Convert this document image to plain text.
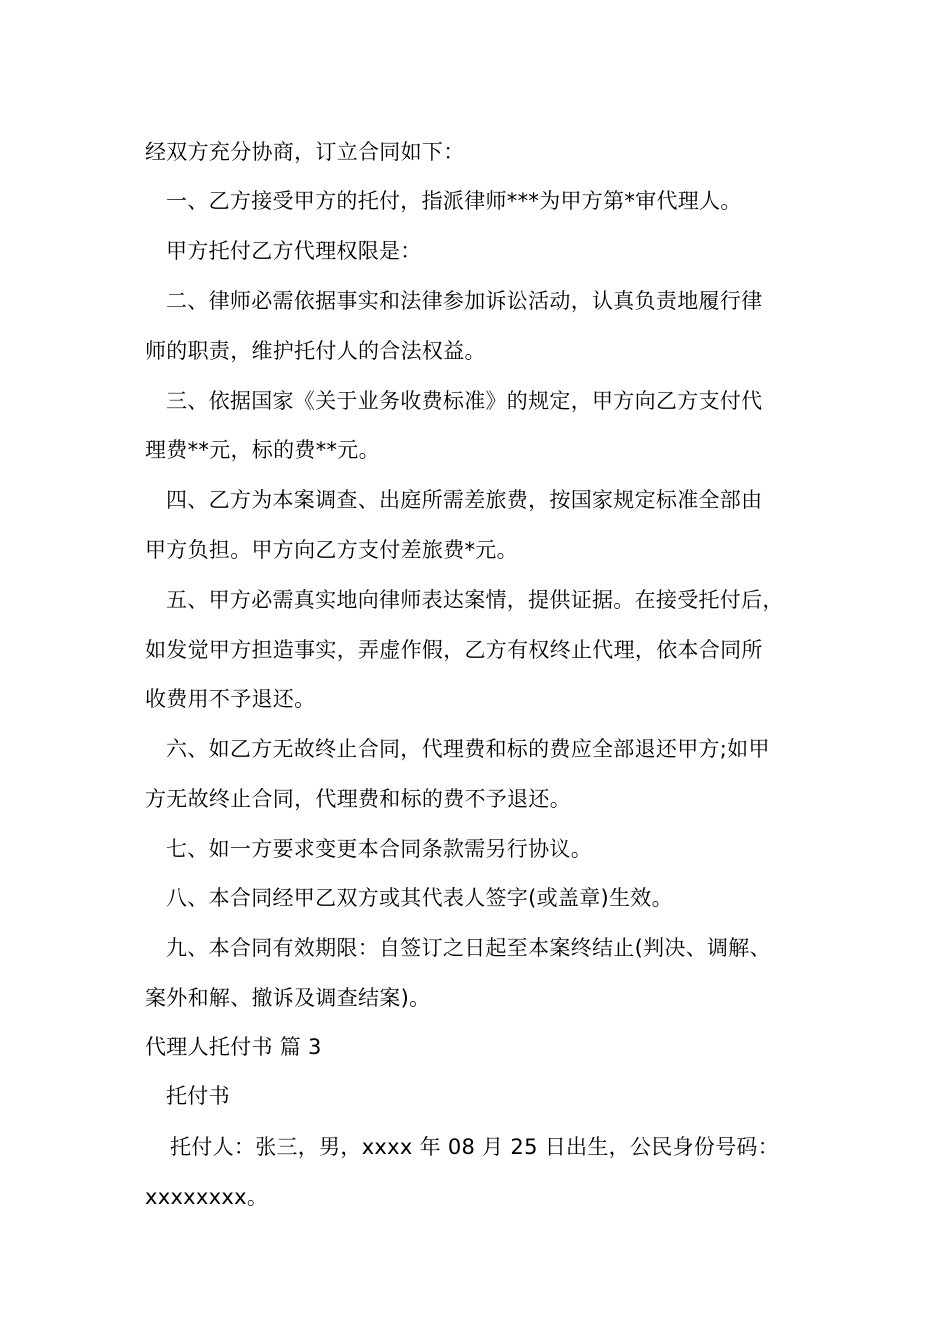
经双方充分协商，订立合同如下：
一、乙方接受甲方的托付，指派律师***为甲方第*审代理人。
甲方托付乙方代理权限是：
二、律师必需依据事实和法律参加诉讼活动，认真负责地履行律
师的职责，维护托付人的合法权益。
三、依据国家《关于业务收费标准》的规定，甲方向乙方支付代
理费**元，标的费**元。
四、乙方为本案调查、出庭所需差旅费，按国家规定标准全部由
甲方负担。甲方向乙方支付差旅费*元。
五、甲方必需真实地向律师表达案情，提供证据。在接受托付后，
如发觉甲方担造事实，弄虚作假，乙方有权终止代理，依本合同所
收费用不予退还。
六、如乙方无故终止合同，代理费和标的费应全部退还甲方;如甲
方无故终止合同，代理费和标的费不予退还。
七、如一方要求变更本合同条款需另行协议。
八、本合同经甲乙双方或其代表人签字(或盖章)生效。
九、本合同有效期限：自签订之日起至本案终结止(判决、调解、
案外和解、撤诉及调查结案)。
代理人托付书 篇 3
托付书
托付人：张三，男，xxxx 年 08 月 25 日出生，公民身份号码：
xxxxxxxx。
